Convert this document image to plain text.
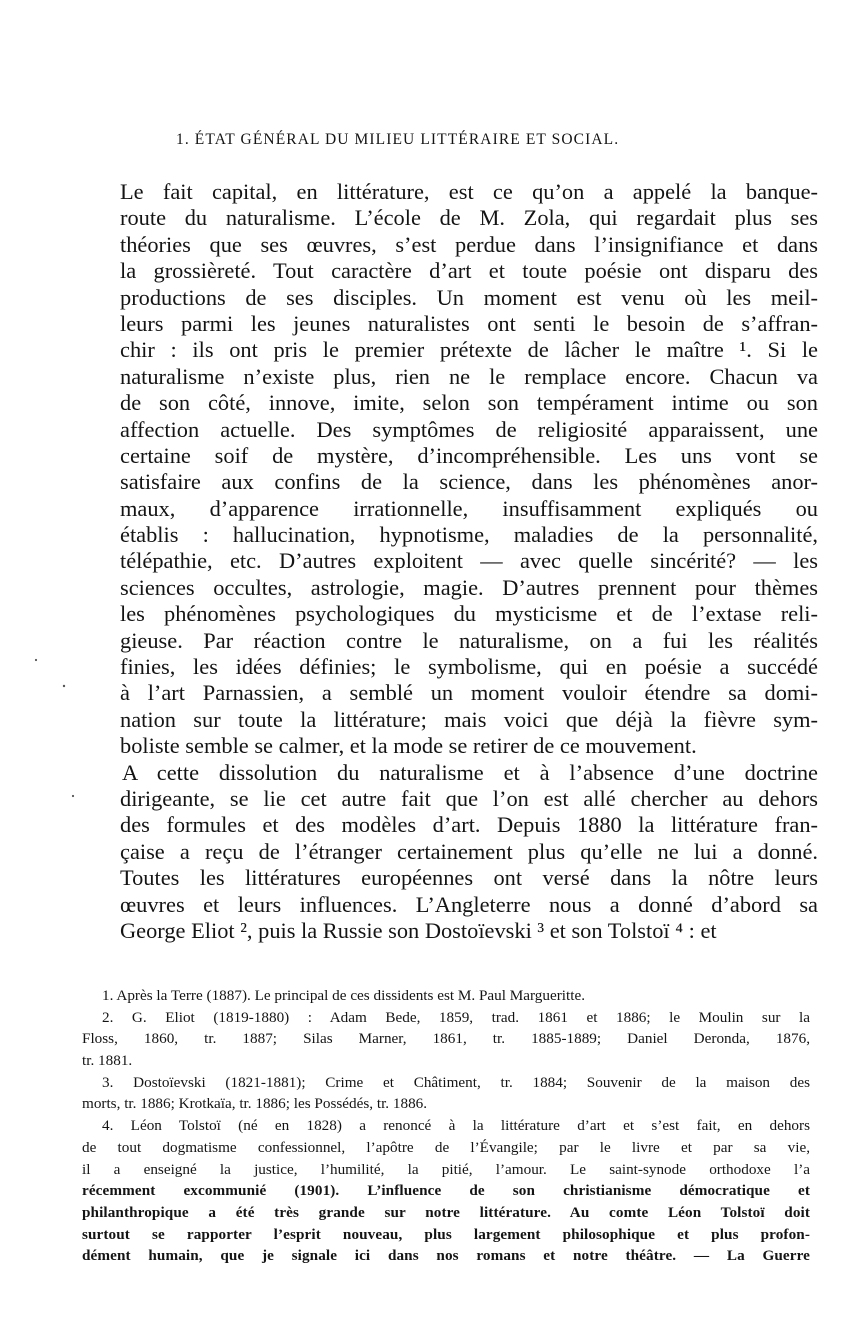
1. ÉTAT GÉNÉRAL DU MILIEU LITTÉRAIRE ET SOCIAL.
Le fait capital, en littérature, est ce qu’on a appelé la banque-
route du naturalisme. L’école de M. Zola, qui regardait plus ses
théories que ses œuvres, s’est perdue dans l’insignifiance et dans
la grossièreté. Tout caractère d’art et toute poésie ont disparu des
productions de ses disciples. Un moment est venu où les meil-
leurs parmi les jeunes naturalistes ont senti le besoin de s’affran-
chir : ils ont pris le premier prétexte de lâcher le maître ¹. Si le
naturalisme n’existe plus, rien ne le remplace encore. Chacun va
de son côté, innove, imite, selon son tempérament intime ou son
affection actuelle. Des symptômes de religiosité apparaissent, une
certaine soif de mystère, d’incompréhensible. Les uns vont se
satisfaire aux confins de la science, dans les phénomènes anor-
maux, d’apparence irrationnelle, insuffisamment expliqués ou
établis : hallucination, hypnotisme, maladies de la personnalité,
télépathie, etc. D’autres exploitent — avec quelle sincérité? — les
sciences occultes, astrologie, magie. D’autres prennent pour thèmes
les phénomènes psychologiques du mysticisme et de l’extase reli-
gieuse. Par réaction contre le naturalisme, on a fui les réalités
finies, les idées définies; le symbolisme, qui en poésie a succédé
à l’art Parnassien, a semblé un moment vouloir étendre sa domi-
nation sur toute la littérature; mais voici que déjà la fièvre sym-
boliste semble se calmer, et la mode se retirer de ce mouvement.
A cette dissolution du naturalisme et à l’absence d’une doctrine
dirigeante, se lie cet autre fait que l’on est allé chercher au dehors
des formules et des modèles d’art. Depuis 1880 la littérature fran-
çaise a reçu de l’étranger certainement plus qu’elle ne lui a donné.
Toutes les littératures européennes ont versé dans la nôtre leurs
œuvres et leurs influences. L’Angleterre nous a donné d’abord sa
George Eliot ², puis la Russie son Dostoïevski ³ et son Tolstoï ⁴ : et
1. Après la Terre (1887). Le principal de ces dissidents est M. Paul Margueritte.
2. G. Eliot (1819-1880) : Adam Bede, 1859, trad. 1861 et 1886; le Moulin sur la
Floss, 1860, tr. 1887; Silas Marner, 1861, tr. 1885-1889; Daniel Deronda, 1876,
tr. 1881.
3. Dostoïevski (1821-1881); Crime et Châtiment, tr. 1884; Souvenir de la maison des
morts, tr. 1886; Krotkaïa, tr. 1886; les Possédés, tr. 1886.
4. Léon Tolstoï (né en 1828) a renoncé à la littérature d’art et s’est fait, en dehors
de tout dogmatisme confessionnel, l’apôtre de l’Évangile; par le livre et par sa vie,
il a enseigné la justice, l’humilité, la pitié, l’amour. Le saint-synode orthodoxe l’a
récemment excommunié (1901). L’influence de son christianisme démocratique et
philanthropique a été très grande sur notre littérature. Au comte Léon Tolstoï doit
surtout se rapporter l’esprit nouveau, plus largement philosophique et plus profon-
dément humain, que je signale ici dans nos romans et notre théâtre. — La Guerre
